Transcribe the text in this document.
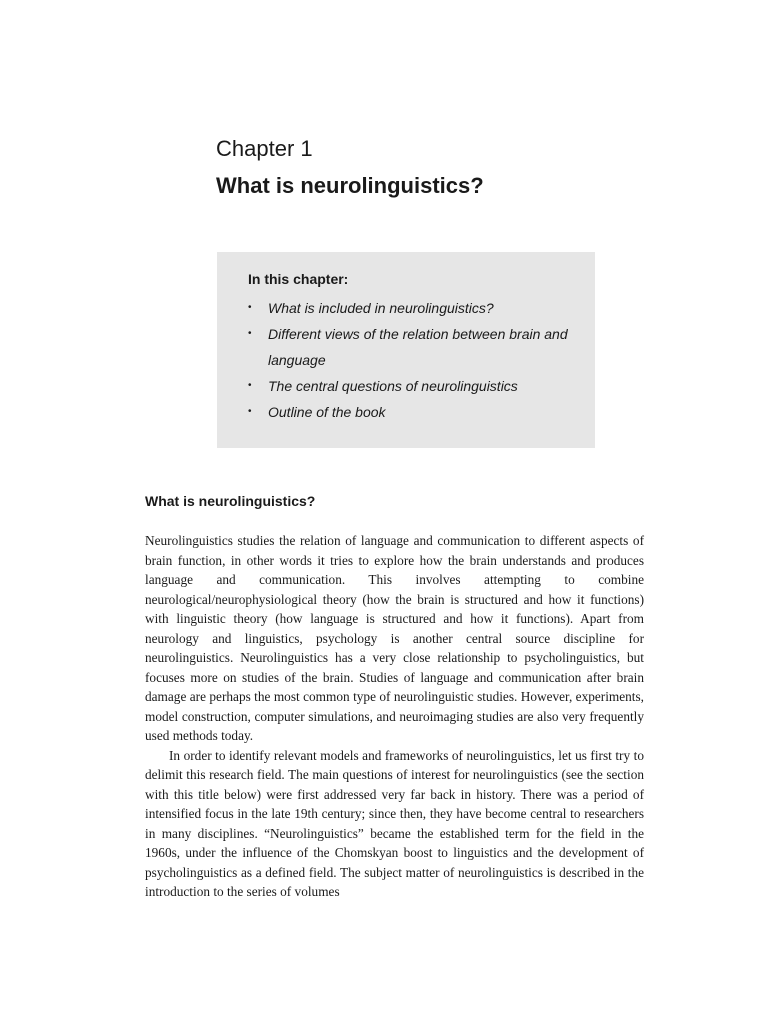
Chapter 1
What is neurolinguistics?
In this chapter:
• What is included in neurolinguistics?
• Different views of the relation between brain and language
• The central questions of neurolinguistics
• Outline of the book
What is neurolinguistics?

Neurolinguistics studies the relation of language and communication to different aspects of brain function, in other words it tries to explore how the brain understands and produces language and communication. This involves attempting to combine neurological/neurophysiological theory (how the brain is structured and how it functions) with linguistic theory (how language is structured and how it functions). Apart from neurology and linguistics, psychology is another central source discipline for neurolinguistics. Neurolinguistics has a very close relationship to psycholinguistics, but focuses more on studies of the brain. Studies of language and communication after brain damage are perhaps the most common type of neurolinguistic studies. However, experiments, model construction, computer simulations, and neuroimaging studies are also very frequently used methods today.

In order to identify relevant models and frameworks of neurolinguistics, let us first try to delimit this research field. The main questions of interest for neurolinguistics (see the section with this title below) were first addressed very far back in history. There was a period of intensified focus in the late 19th century; since then, they have become central to researchers in many disciplines. “Neurolinguistics” became the established term for the field in the 1960s, under the influence of the Chomskyan boost to linguistics and the development of psycholinguistics as a defined field. The subject matter of neurolinguistics is described in the introduction to the series of volumes
